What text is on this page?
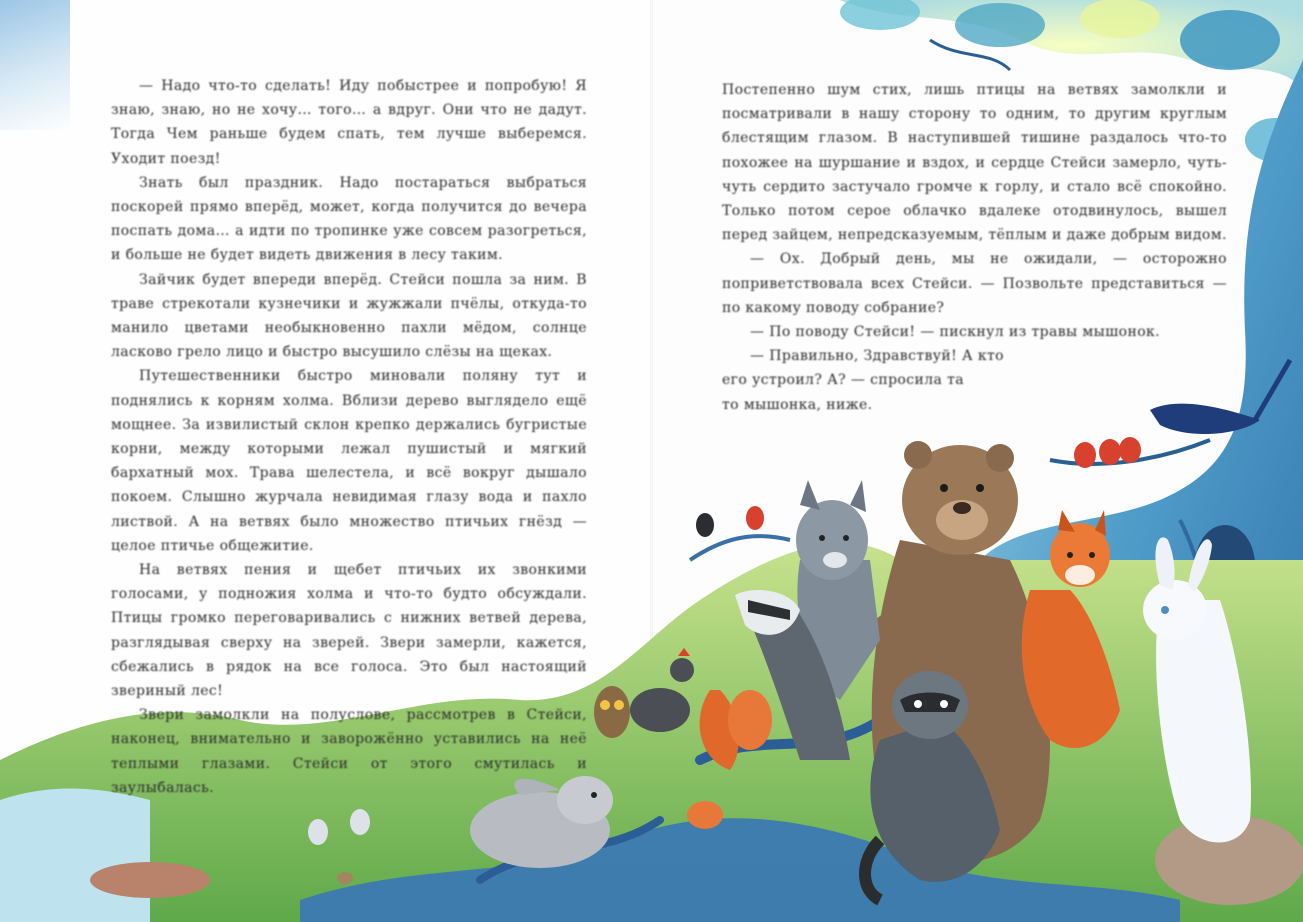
— Надо что-то сделать! Иду побыстрее и попробую! Я знаю, знаю, но не хочу… того… а вдруг. Они что не дадут. Тогда Чем раньше будем спать, тем лучше выберемся. Уходит поезд!

Знать был праздник. Надо постараться выбраться поскорей прямо вперёд, может, когда получится до вечера поспать дома… а идти по тропинке уже совсем разогреться, и больше не будет видеть движения в лесу таким.

Зайчик будет впереди вперёд. Стейси пошла за ним. В траве стрекотали кузнечики и жужжали пчёлы, откуда-то манило цветами необыкновенно пахли мёдом, солнце ласково грело лицо и быстро высушило слёзы на щеках.

Путешественники быстро миновали поляну тут и поднялись к корням холма. Вблизи дерево выглядело ещё мощнее. За извилистый склон крепко держались бугристые корни, между которыми лежал пушистый и мягкий бархатный мох. Трава шелестела, и всё вокруг дышало покоем. Слышно журчала невидимая глазу вода и пахло листвой. А на ветвях было множество птичьих гнёзд — целое птичье общежитие.

На ветвях пения и щебет птичьих их звонкими голосами, у подножия холма и что-то будто обсуждали. Птицы громко переговаривались с нижних ветвей дерева, разглядывая сверху на зверей. Звери замерли, кажется, сбежались в рядок на все голоса. Это был настоящий звериный лес!

Звери замолкли на полуслове, рассмотрев в Стейси, наконец, внимательно и заворожённо уставились на неё теплыми глазами. Стейси от этого смутилась и заулыбалась.

Постепенно шум стих, лишь птицы на ветвях замолкли и посматривали в нашу сторону то одним, то другим круглым блестящим глазом. В наступившей тишине раздалось что-то похожее на шуршание и вздох, и сердце Стейси замерло, чуть-чуть сердито застучало громче к горлу, и стало всё спокойно. Только потом серое облачко вдалеке отодвинулось, вышел перед зайцем, непредсказуемым, тёплым и даже добрым видом.

— Ох. Добрый день, мы не ожидали, — осторожно поприветствовала всех Стейси. — Позвольте представиться — по какому поводу собрание?

— По поводу Стейси! — пискнул из травы мышонок.

— Правильно, Здравствуй! А кто

его устроил? А? — спросила та

то мышонка, ниже.
